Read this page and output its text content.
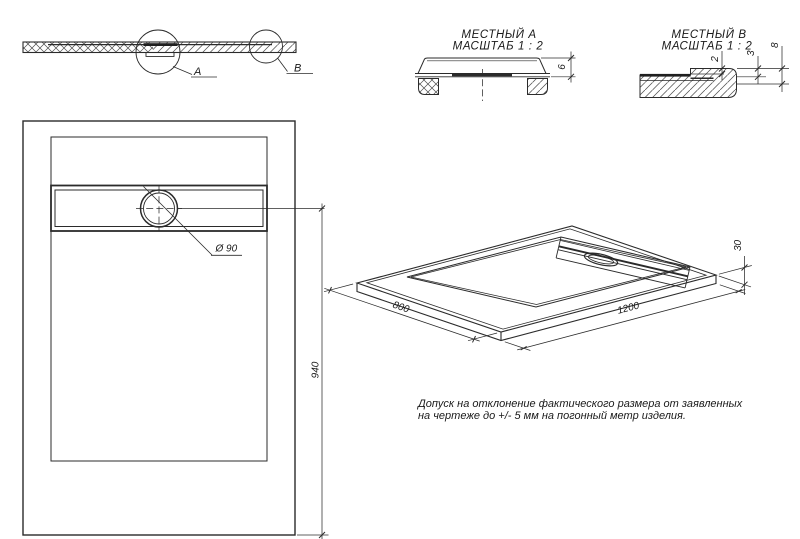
A	B
МЕСТНЫЙ А
МАСШТАБ 1 : 2
6
МЕСТНЫЙ В
МАСШТАБ 1 : 2
2
3
8
Ø 90
940
800	1200
30
Допуск на отклонение фактического размера от заявленных на чертеже до +/- 5 мм на погонный метр изделия.
